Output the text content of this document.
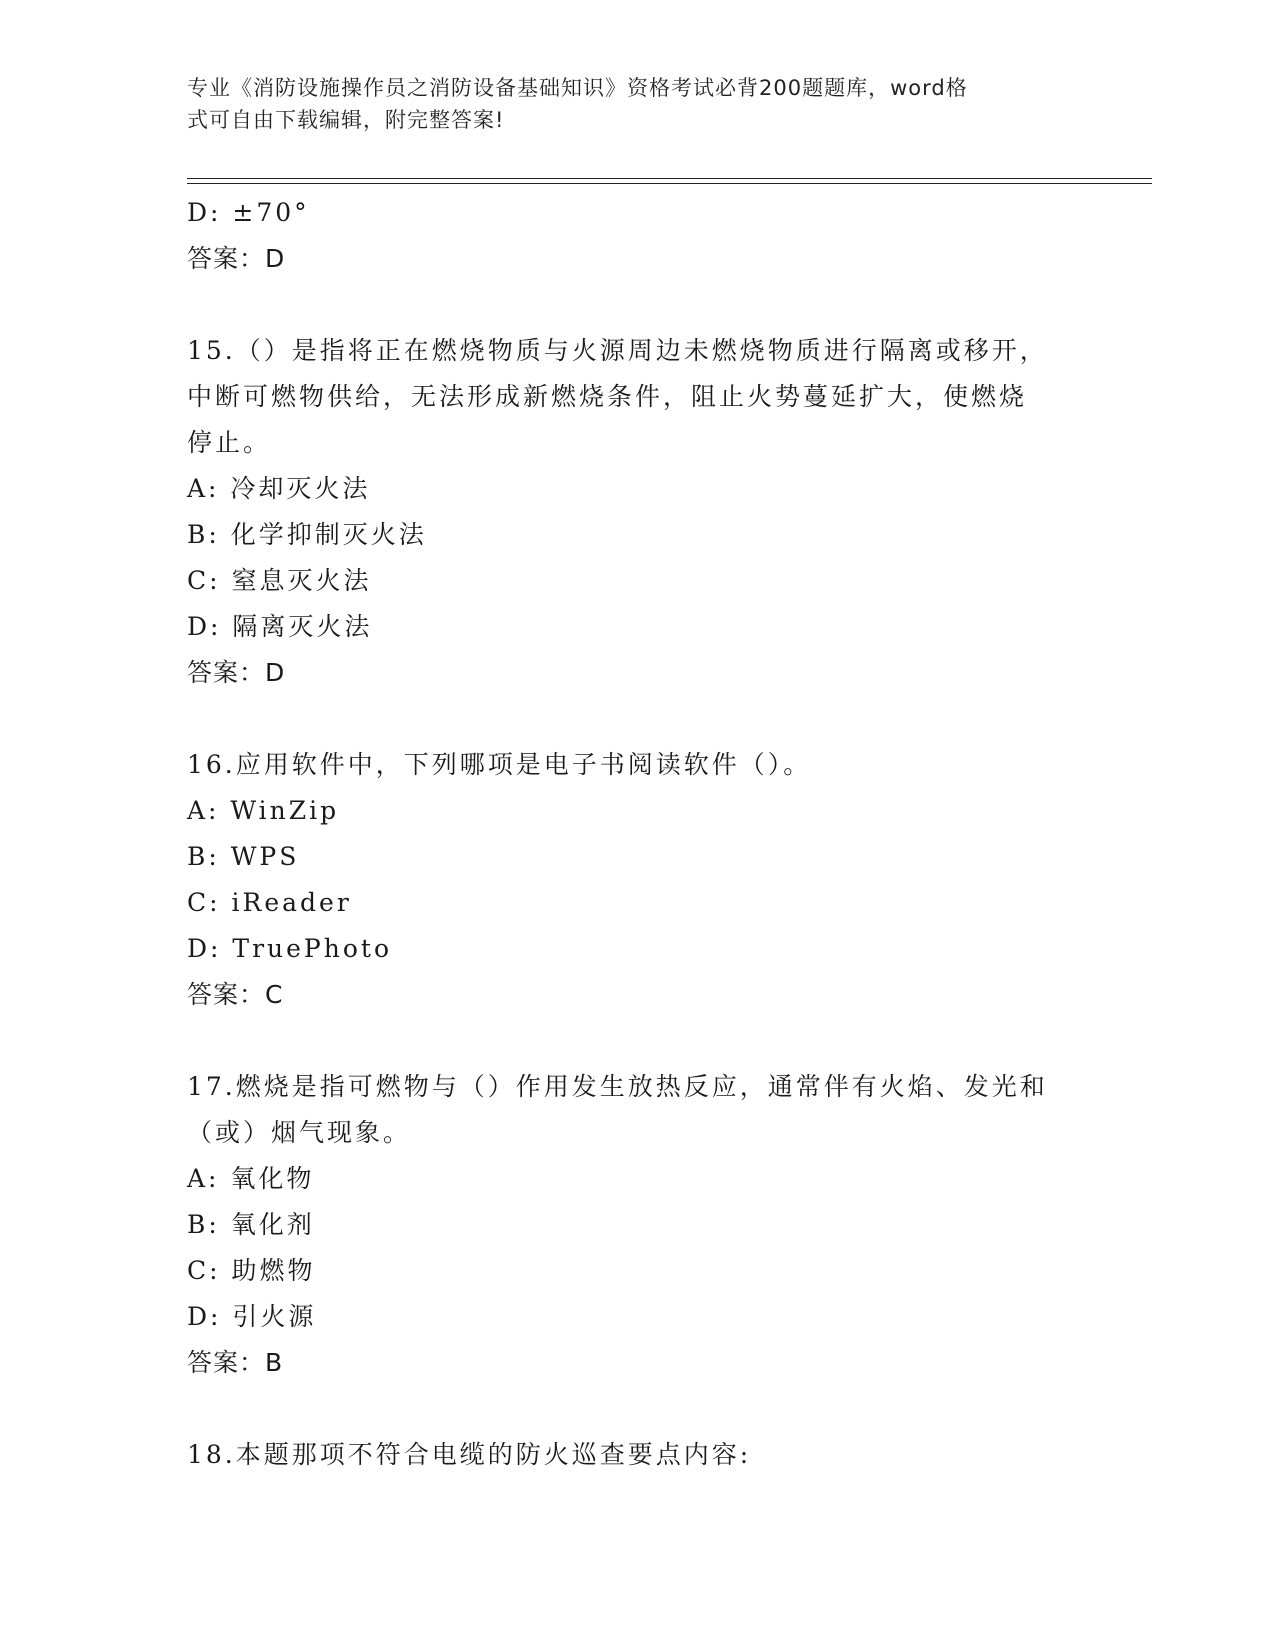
专业《消防设施操作员之消防设备基础知识》资格考试必背200题题库，word格
式可自由下载编辑，附完整答案!
D: ±70°
答案：D
15.（）是指将正在燃烧物质与火源周边未燃烧物质进行隔离或移开，
中断可燃物供给，无法形成新燃烧条件，阻止火势蔓延扩大，使燃烧
停止。
A: 冷却灭火法
B: 化学抑制灭火法
C: 窒息灭火法
D: 隔离灭火法
答案：D
16.应用软件中，下列哪项是电子书阅读软件（）。
A: WinZip
B: WPS
C: iReader
D: TruePhoto
答案：C
17.燃烧是指可燃物与（）作用发生放热反应，通常伴有火焰、发光和
（或）烟气现象。
A: 氧化物
B: 氧化剂
C: 助燃物
D: 引火源
答案：B
18.本题那项不符合电缆的防火巡查要点内容:
